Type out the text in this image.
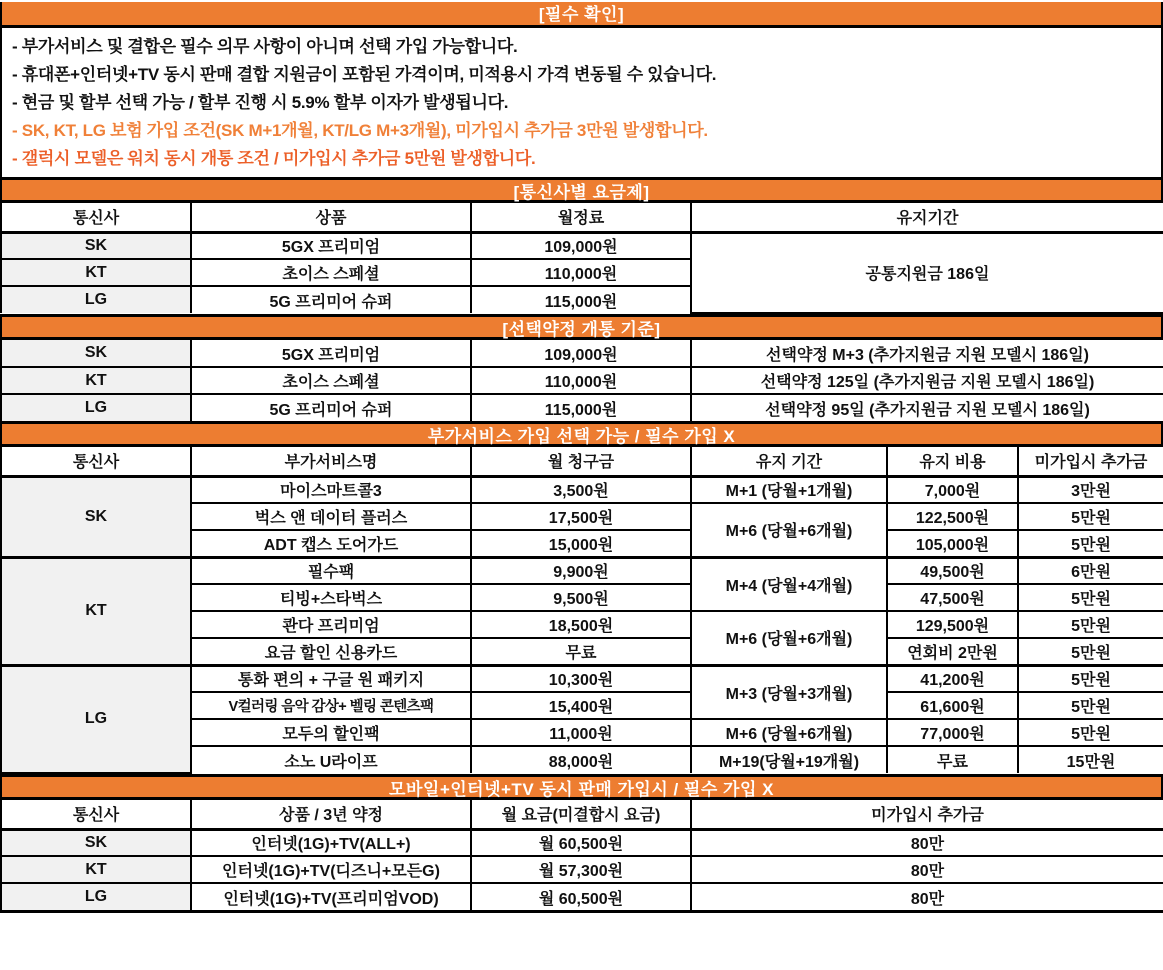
[필수 확인]
- 부가서비스 및 결합은 필수 의무 사항이 아니며 선택 가입 가능합니다.
- 휴대폰+인터넷+TV 동시 판매 결합 지원금이 포함된 가격이며, 미적용시 가격 변동될 수 있습니다.
- 현금 및 할부 선택 가능 / 할부 진행 시 5.9% 할부 이자가 발생됩니다.
- SK, KT, LG 보험 가입 조건(SK M+1개월, KT/LG M+3개월), 미가입시 추가금 3만원 발생합니다.
- 갤럭시 모델은 워치 동시 개통 조건 / 미가입시 추가금 5만원 발생합니다.
[통신사별 요금제]
통신사	상품	월정료	유지기간
SK	5GX 프리미엄	109,000원	공통지원금 186일
KT	초이스 스페셜	110,000원	
LG	5G 프리미어 슈퍼	115,000원	
[선택약정 개통 기준]
SK	5GX 프리미엄	109,000원	선택약정 M+3 (추가지원금 지원 모델시 186일)
KT	초이스 스페셜	110,000원	선택약정 125일 (추가지원금 지원 모델시 186일)
LG	5G 프리미어 슈퍼	115,000원	선택약정 95일 (추가지원금 지원 모델시 186일)
부가서비스 가입 선택 가능 / 필수 가입 X
통신사	부가서비스명	월 청구금	유지 기간	유지 비용	미가입시 추가금
SK	마이스마트콜3	3,500원	M+1 (당월+1개월)	7,000원	3만원
	벅스 앤 데이터 플러스	17,500원	M+6 (당월+6개월)	122,500원	5만원
	ADT 캡스 도어가드	15,000원		105,000원	5만원
KT	필수팩	9,900원	M+4 (당월+4개월)	49,500원	6만원
	티빙+스타벅스	9,500원		47,500원	5만원
	콴다 프리미엄	18,500원	M+6 (당월+6개월)	129,500원	5만원
	요금 할인 신용카드	무료		연회비 2만원	5만원
LG	통화 편의 + 구글 원 패키지	10,300원	M+3 (당월+3개월)	41,200원	5만원
	V컬러링 음악 감상+ 벨링 콘텐츠팩	15,400원		61,600원	5만원
	모두의 할인팩	11,000원	M+6 (당월+6개월)	77,000원	5만원
	소노 U라이프	88,000원	M+19(당월+19개월)	무료	15만원
모바일+인터넷+TV 동시 판매 가입시 / 필수 가입 X
통신사	상품 / 3년 약정	월 요금(미결합시 요금)	미가입시 추가금
SK	인터넷(1G)+TV(ALL+)	월 60,500원	80만
KT	인터넷(1G)+TV(디즈니+모든G)	월 57,300원	80만
LG	인터넷(1G)+TV(프리미엄VOD)	월 60,500원	80만
